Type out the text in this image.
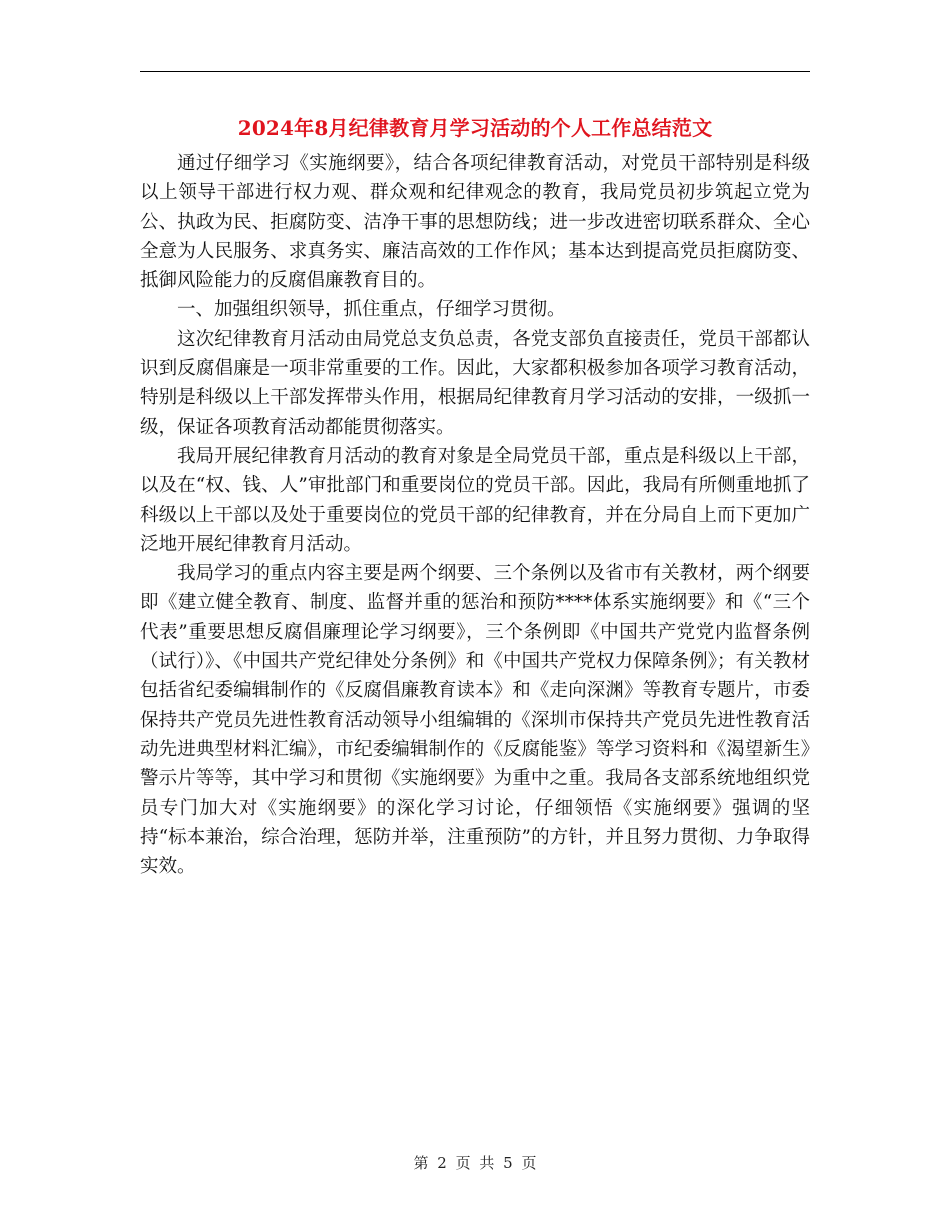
2024年8月纪律教育月学习活动的个人工作总结范文

通过仔细学习《实施纲要》，结合各项纪律教育活动，对党员干部特别是科级以上领导干部进行权力观、群众观和纪律观念的教育，我局党员初步筑起立党为公、执政为民、拒腐防变、洁净干事的思想防线；进一步改进密切联系群众、全心全意为人民服务、求真务实、廉洁高效的工作作风；基本达到提高党员拒腐防变、抵御风险能力的反腐倡廉教育目的。

一、加强组织领导，抓住重点，仔细学习贯彻。

这次纪律教育月活动由局党总支负总责，各党支部负直接责任，党员干部都认识到反腐倡廉是一项非常重要的工作。因此，大家都积极参加各项学习教育活动，特别是科级以上干部发挥带头作用，根据局纪律教育月学习活动的安排，一级抓一级，保证各项教育活动都能贯彻落实。

我局开展纪律教育月活动的教育对象是全局党员干部，重点是科级以上干部，以及在“权、钱、人”审批部门和重要岗位的党员干部。因此，我局有所侧重地抓了科级以上干部以及处于重要岗位的党员干部的纪律教育，并在分局自上而下更加广泛地开展纪律教育月活动。

我局学习的重点内容主要是两个纲要、三个条例以及省市有关教材，两个纲要即《建立健全教育、制度、监督并重的惩治和预防****体系实施纲要》和《“三个代表”重要思想反腐倡廉理论学习纲要》，三个条例即《中国共产党党内监督条例（试行）》、《中国共产党纪律处分条例》和《中国共产党权力保障条例》；有关教材包括省纪委编辑制作的《反腐倡廉教育读本》和《走向深渊》等教育专题片，市委保持共产党员先进性教育活动领导小组编辑的《深圳市保持共产党员先进性教育活动先进典型材料汇编》，市纪委编辑制作的《反腐能鉴》等学习资料和《渴望新生》警示片等等，其中学习和贯彻《实施纲要》为重中之重。我局各支部系统地组织党员专门加大对《实施纲要》的深化学习讨论，仔细领悟《实施纲要》强调的坚持“标本兼治，综合治理，惩防并举，注重预防”的方针，并且努力贯彻、力争取得实效。

第 2 页 共 5 页
